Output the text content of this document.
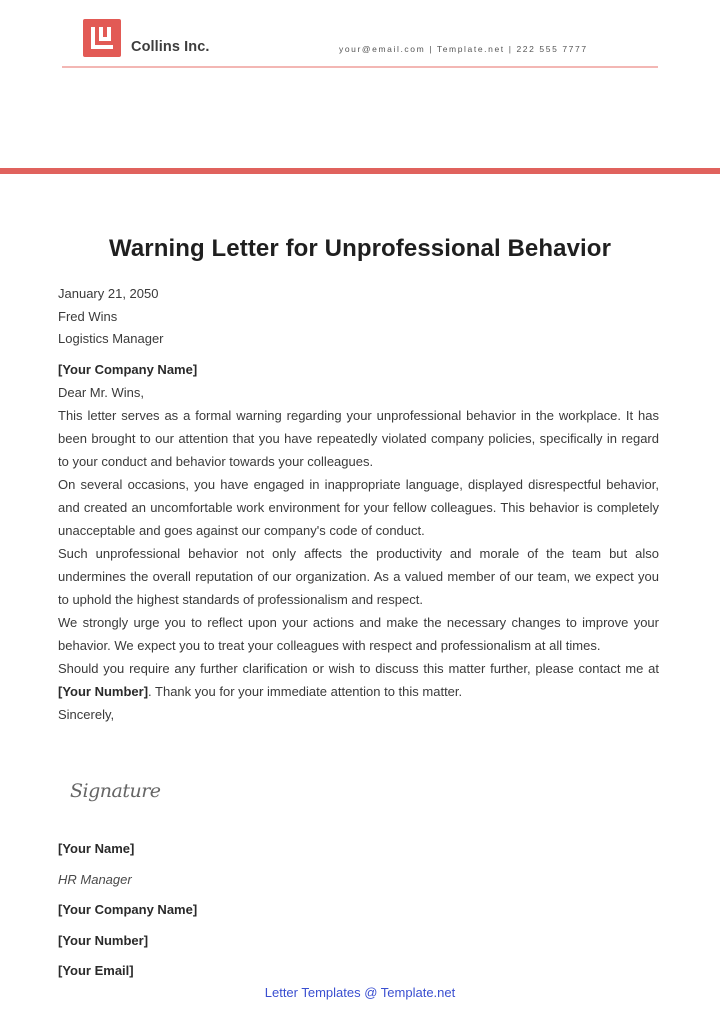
Collins Inc.	your@email.com | Template.net | 222 555 7777
Warning Letter for Unprofessional Behavior
January 21, 2050
Fred Wins
Logistics Manager
[Your Company Name]
Dear Mr. Wins,

This letter serves as a formal warning regarding your unprofessional behavior in the workplace. It has been brought to our attention that you have repeatedly violated company policies, specifically in regard to your conduct and behavior towards your colleagues.

On several occasions, you have engaged in inappropriate language, displayed disrespectful behavior, and created an uncomfortable work environment for your fellow colleagues. This behavior is completely unacceptable and goes against our company's code of conduct.

Such unprofessional behavior not only affects the productivity and morale of the team but also undermines the overall reputation of our organization. As a valued member of our team, we expect you to uphold the highest standards of professionalism and respect.

We strongly urge you to reflect upon your actions and make the necessary changes to improve your behavior. We expect you to treat your colleagues with respect and professionalism at all times.

Should you require any further clarification or wish to discuss this matter further, please contact me at [Your Number]. Thank you for your immediate attention to this matter.

Sincerely,
Signature
[Your Name]
HR Manager
[Your Company Name]
[Your Number]
[Your Email]
Letter Templates @ Template.net
